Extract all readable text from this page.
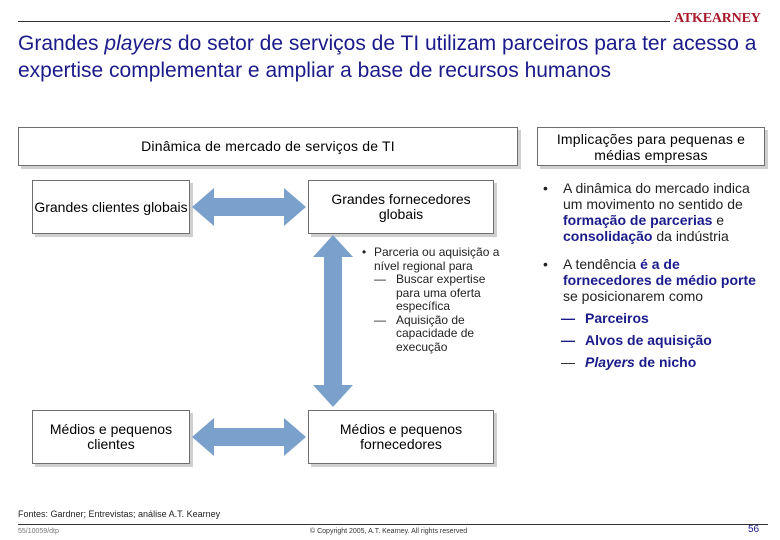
ATKEARNEY
Grandes players do setor de serviços de TI utilizam parceiros para ter acesso a expertise complementar e ampliar a base de recursos humanos
Dinâmica de mercado de serviços de TI	Implicações para pequenas e médias empresas
Grandes clientes globais	Grandes fornecedores globais
Médios e pequenos clientes
Médios e pequenos fornecedores
• Parceria ou aquisição a nível regional para
— Buscar expertise para uma oferta específica
— Aquisição de capacidade de execução
• A dinâmica do mercado indica um movimento no sentido de formação de parcerias e consolidação da indústria
• A tendência é a de fornecedores de médio porte se posicionarem como
— Parceiros
— Alvos de aquisição
— Players de nicho
Fontes: Gardner; Entrevistas; análise A.T. Kearney
55/10059/dtp	© Copyright 2005, A.T. Kearney. All rights reserved	56
